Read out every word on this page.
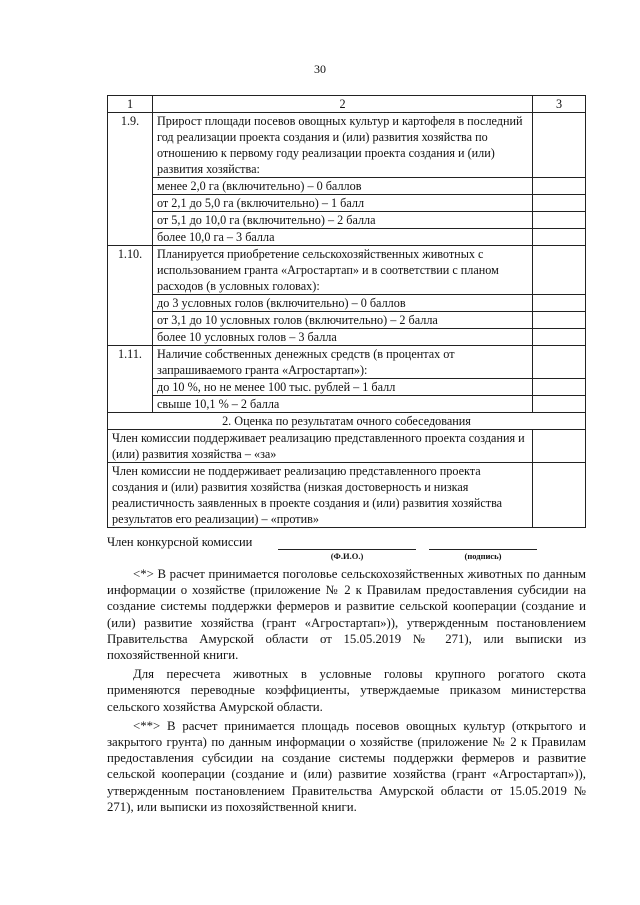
30
1	2	3
1.9.	Прирост площади посевов овощных культур и картофеля в последний год реализации проекта создания и (или) развития хозяйства по отношению к первому году реализации проекта создания и (или) развития хозяйства:	
	менее 2,0 га (включительно) – 0 баллов	
	от 2,1 до 5,0 га (включительно) – 1 балл	
	от 5,1 до 10,0 га (включительно) – 2 балла	
	более 10,0 га – 3 балла	
1.10.	Планируется приобретение сельскохозяйственных животных с использованием гранта «Агростартап» и в соответствии с планом расходов (в условных головах):	
	до 3 условных голов (включительно) – 0 баллов	
	от 3,1 до 10 условных голов (включительно) – 2 балла	
	более 10 условных голов – 3 балла	
1.11.	Наличие собственных денежных средств (в процентах от запрашиваемого гранта «Агростартап»):	
	до 10 %, но не менее 100 тыс. рублей – 1 балл	
	свыше 10,1 % – 2 балла	
2. Оценка по результатам очного собеседования		
Член комиссии поддерживает реализацию представленного проекта создания и (или) развития хозяйства – «за»		
Член комиссии не поддерживает реализацию представленного проекта создания и (или) развития хозяйства (низкая достоверность и низкая реалистичность заявленных в проекте создания и (или) развития хозяйства результатов его реализации) – «против»		
Член конкурсной комиссии
(Ф.И.О.)	(подпись)

<*> В расчет принимается поголовье сельскохозяйственных животных по данным информации о хозяйстве (приложение № 2 к Правилам предоставления субсидии на создание системы поддержки фермеров и развитие сельской кооперации (создание и (или) развитие хозяйства (грант «Агростартап»)), утвержденным постановлением Правительства Амурской области от 15.05.2019 № 271), или выписки из похозяйственной книги.

Для пересчета животных в условные головы крупного рогатого скота применяются переводные коэффициенты, утверждаемые приказом министерства сельского хозяйства Амурской области.

<**> В расчет принимается площадь посевов овощных культур (открытого и закрытого грунта) по данным информации о хозяйстве (приложение № 2 к Правилам предоставления субсидии на создание системы поддержки фермеров и развитие сельской кооперации (создание и (или) развитие хозяйства (грант «Агростартап»)), утвержденным постановлением Правительства Амурской области от 15.05.2019 № 271), или выписки из похозяйственной книги.
